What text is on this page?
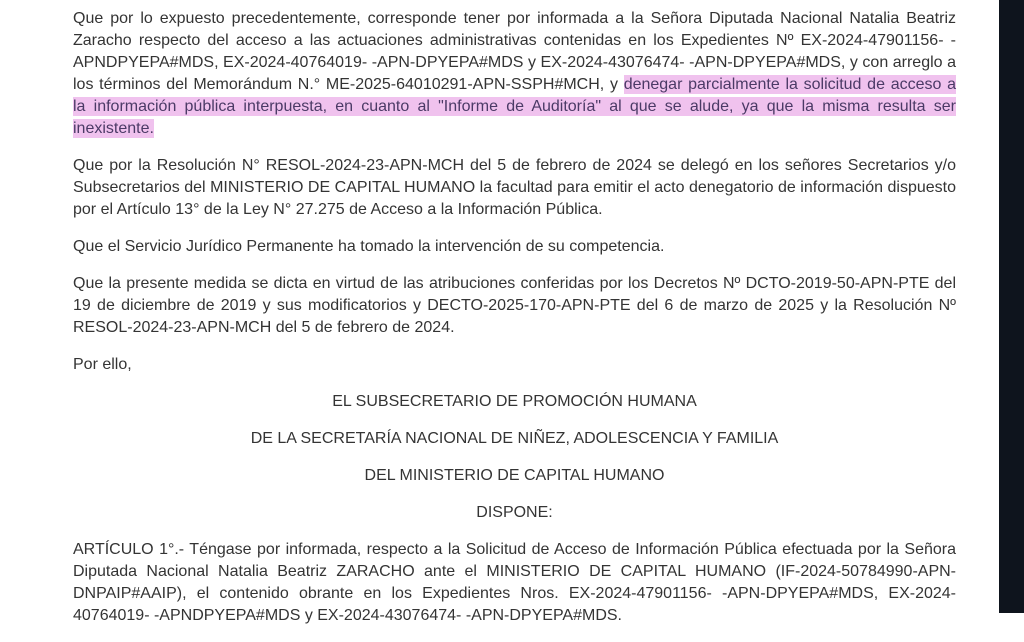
Que por lo expuesto precedentemente, corresponde tener por informada a la Señora Diputada Nacional Natalia Beatriz Zaracho respecto del acceso a las actuaciones administrativas contenidas en los Expedientes Nº EX-2024-47901156- -APNDPYEPA#MDS, EX-2024-40764019- -APN-DPYEPA#MDS y EX-2024-43076474- -APN-DPYEPA#MDS, y con arreglo a los términos del Memorándum N.° ME-2025-64010291-APN-SSPH#MCH, y denegar parcialmente la solicitud de acceso a la información pública interpuesta, en cuanto al "Informe de Auditoría" al que se alude, ya que la misma resulta ser inexistente.

Que por la Resolución N° RESOL-2024-23-APN-MCH del 5 de febrero de 2024 se delegó en los señores Secretarios y/o Subsecretarios del MINISTERIO DE CAPITAL HUMANO la facultad para emitir el acto denegatorio de información dispuesto por el Artículo 13° de la Ley N° 27.275 de Acceso a la Información Pública.

Que el Servicio Jurídico Permanente ha tomado la intervención de su competencia.

Que la presente medida se dicta en virtud de las atribuciones conferidas por los Decretos Nº DCTO-2019-50-APN-PTE del 19 de diciembre de 2019 y sus modificatorios y DECTO-2025-170-APN-PTE del 6 de marzo de 2025 y la Resolución Nº RESOL-2024-23-APN-MCH del 5 de febrero de 2024.

Por ello,

EL SUBSECRETARIO DE PROMOCIÓN HUMANA

DE LA SECRETARÍA NACIONAL DE NIÑEZ, ADOLESCENCIA Y FAMILIA

DEL MINISTERIO DE CAPITAL HUMANO

DISPONE:

ARTÍCULO 1°.- Téngase por informada, respecto a la Solicitud de Acceso de Información Pública efectuada por la Señora Diputada Nacional Natalia Beatriz ZARACHO ante el MINISTERIO DE CAPITAL HUMANO (IF-2024-50784990-APN-DNPAIP#AAIP), el contenido obrante en los Expedientes Nros. EX-2024-47901156- -APN-DPYEPA#MDS, EX-2024-40764019- -APNDPYEPA#MDS y EX-2024-43076474- -APN-DPYEPA#MDS.
